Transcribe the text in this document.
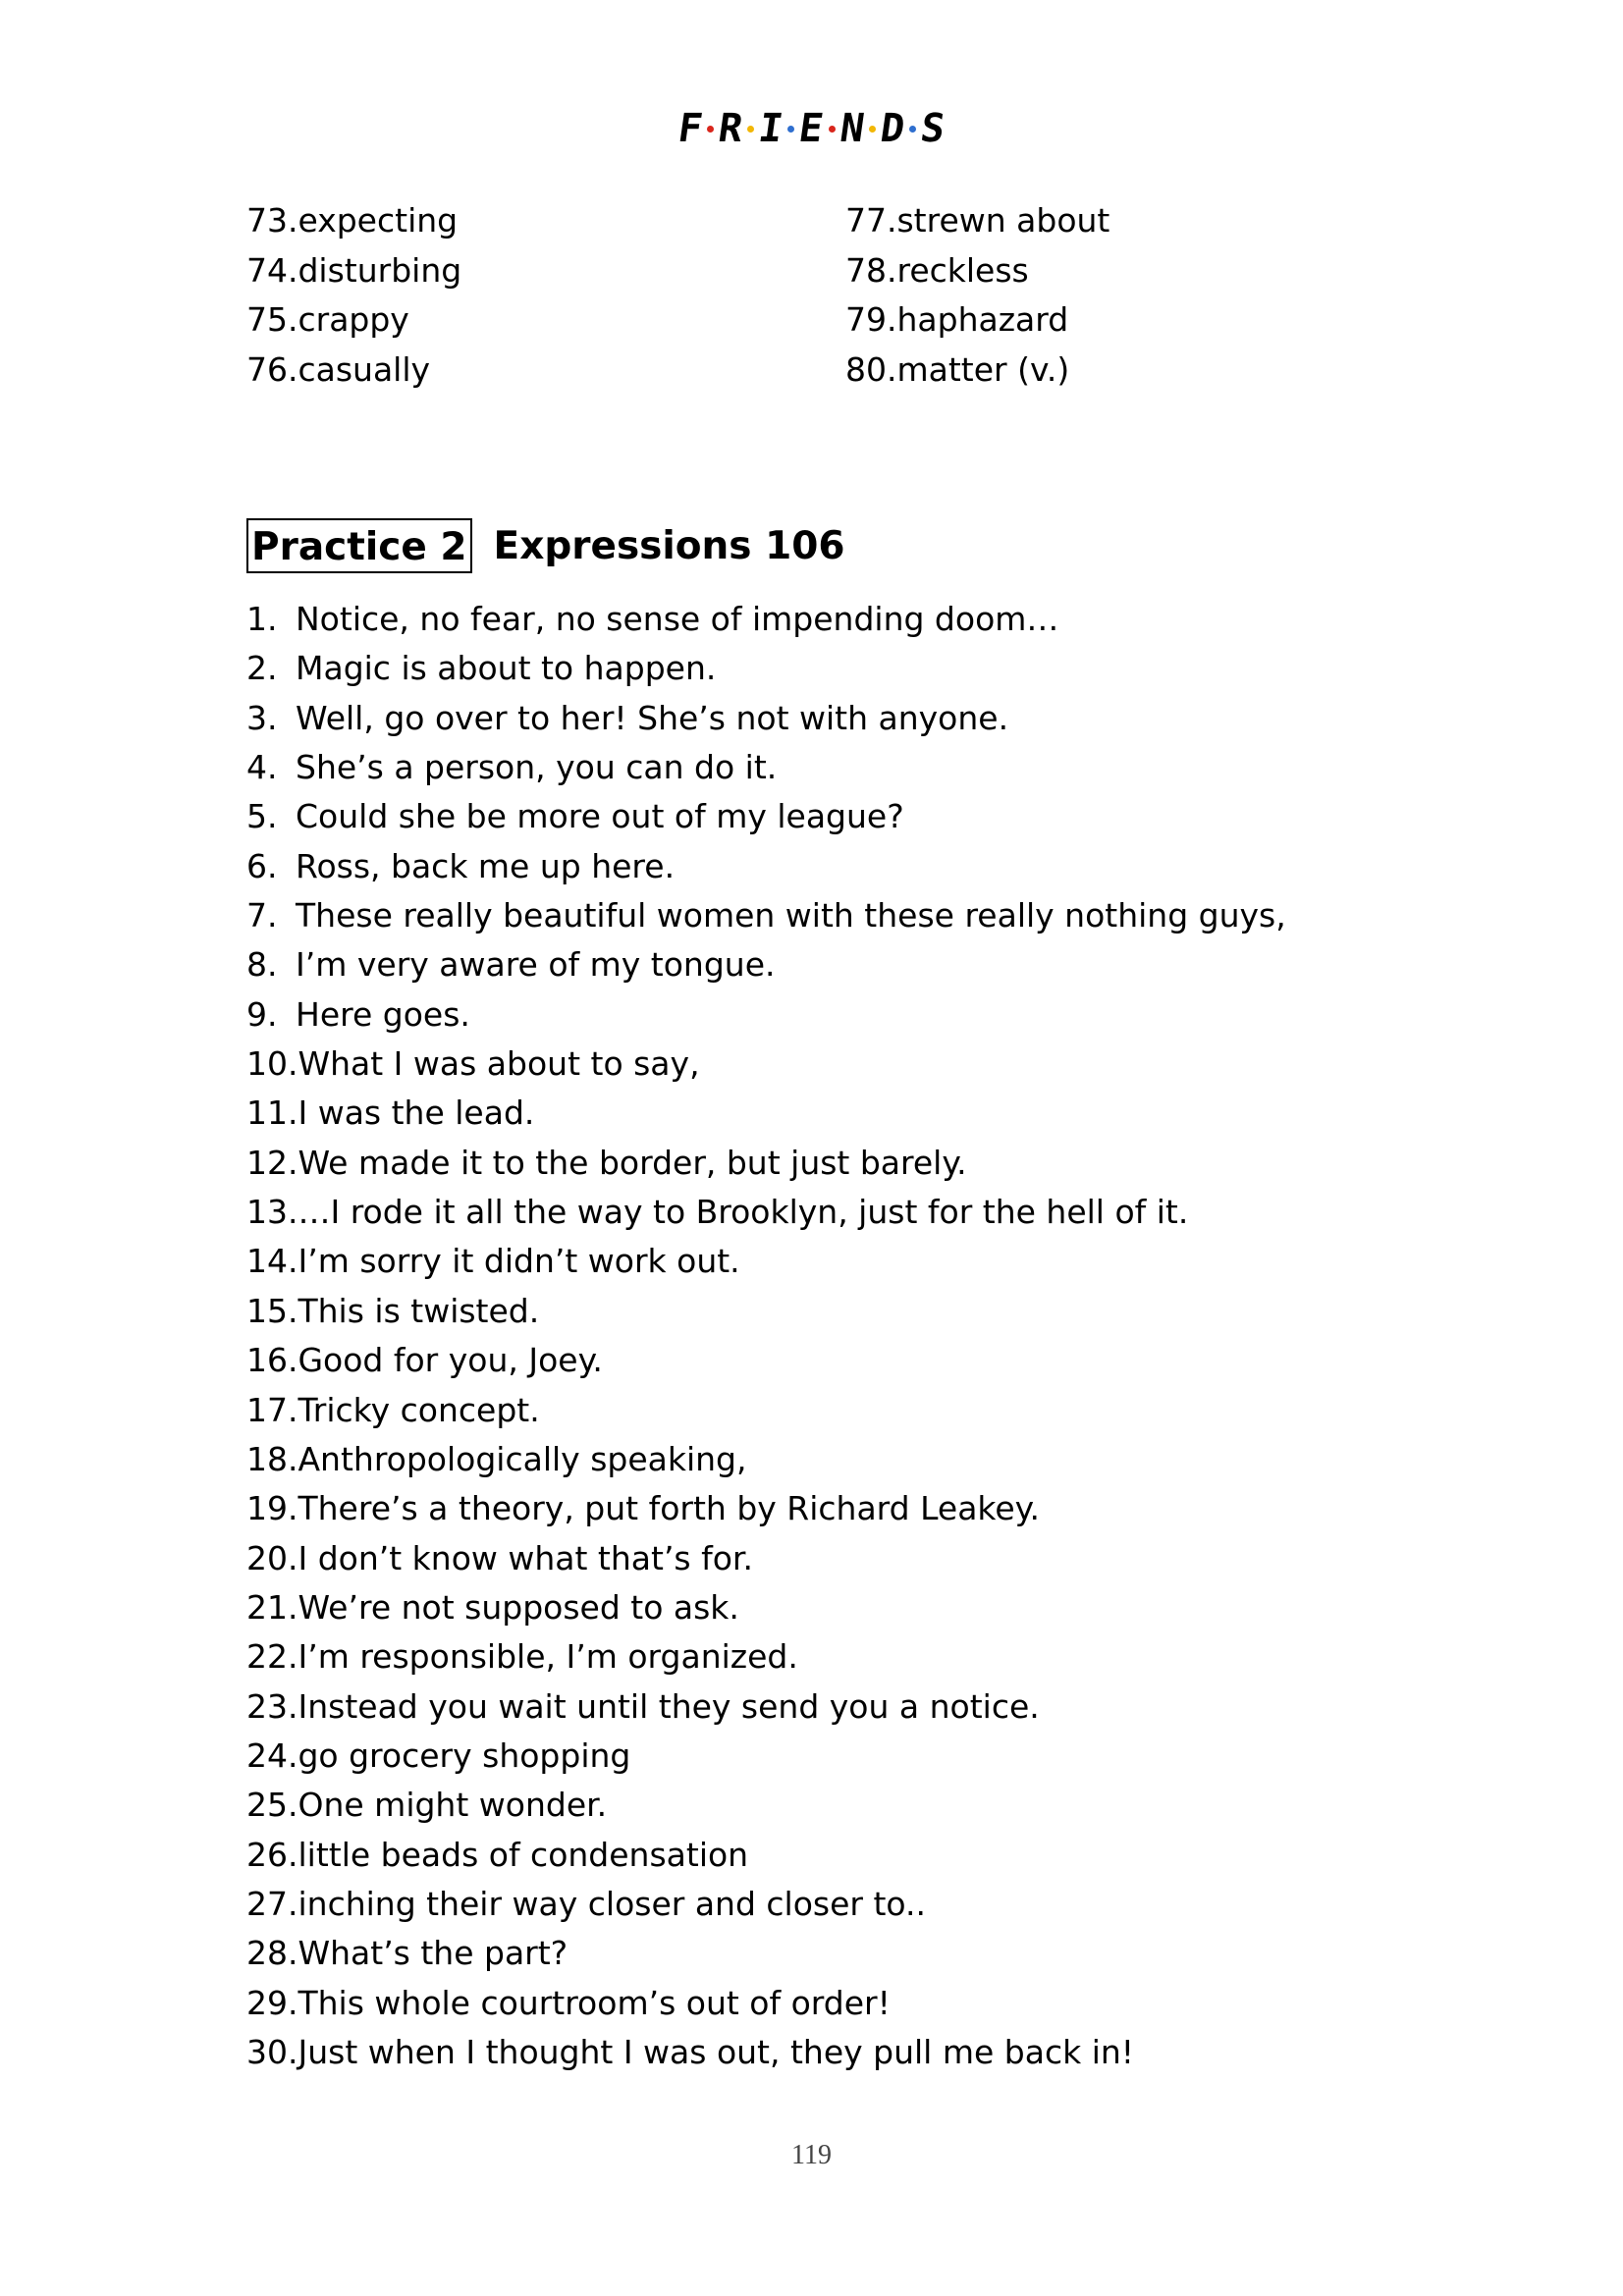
F R I E N D S
73.expecting
74.disturbing
75.crappy
76.casually
77.strewn about
78.reckless
79.haphazard
80.matter (v.)
Practice 2 Expressions 106
1. Notice, no fear, no sense of impending doom…
2. Magic is about to happen.
3. Well, go over to her! She’s not with anyone.
4. She’s a person, you can do it.
5. Could she be more out of my league?
6. Ross, back me up here.
7. These really beautiful women with these really nothing guys,
8. I’m very aware of my tongue.
9. Here goes.
10. What I was about to say,
11. I was the lead.
12. We made it to the border, but just barely.
13. …I rode it all the way to Brooklyn, just for the hell of it.
14. I’m sorry it didn’t work out.
15. This is twisted.
16. Good for you, Joey.
17. Tricky concept.
18. Anthropologically speaking,
19. There’s a theory, put forth by Richard Leakey.
20. I don’t know what that’s for.
21. We’re not supposed to ask.
22. I’m responsible, I’m organized.
23. Instead you wait until they send you a notice.
24. go grocery shopping
25. One might wonder.
26. little beads of condensation
27. inching their way closer and closer to..
28. What’s the part?
29. This whole courtroom’s out of order!
30. Just when I thought I was out, they pull me back in!
119
